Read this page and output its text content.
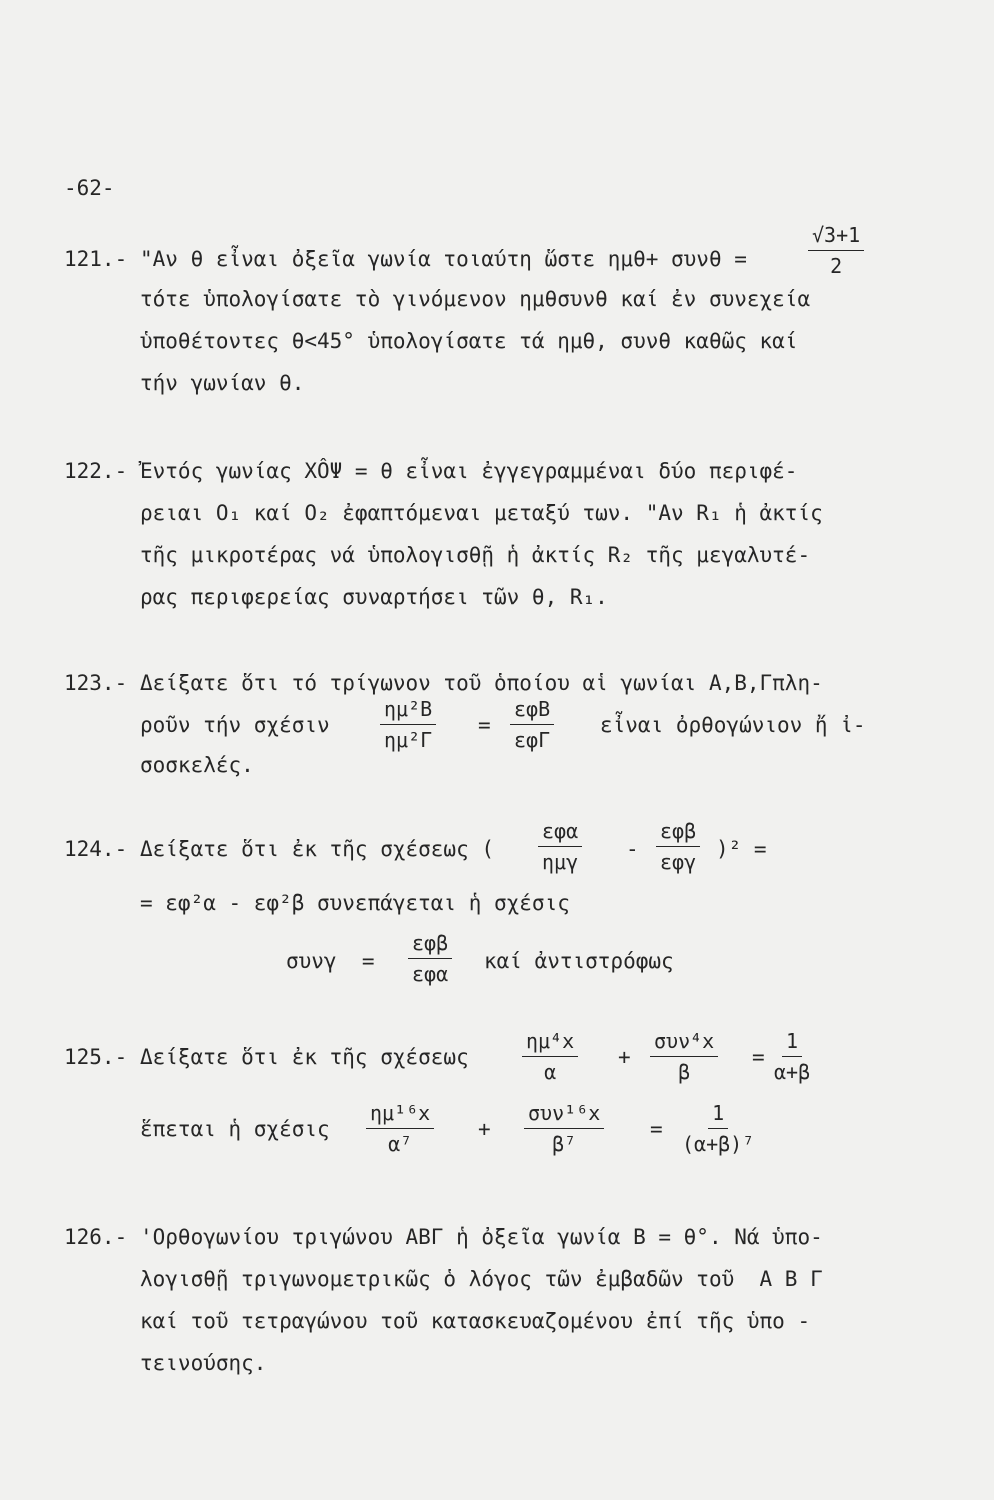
-62-
121.- "Αν θ εἶναι ὀξεῖα γωνία τοιαύτη ὥστε ημθ+ συνθ =	$\frac{√3+1}{2}$
τότε ὑπολογίσατε τὸ γινόμενον ημθσυνθ καί ἐν συνεχεία
ὑποθέτοντες θ<45° ὑπολογίσατε τά ημθ, συνθ καθῶς καί
τήν γωνίαν θ.
122.- Ἐντός γωνίας XÔΨ = θ εἶναι ἐγγεγραμμέναι δύο περιφέ-
ρειαι O₁ καί O₂ ἐφαπτόμεναι μεταξύ των. "Αν R₁ ἡ ἀκτίς
τῆς μικροτέρας νά ὑπολογισθῇ ἡ ἀκτίς R₂ τῆς μεγαλυτέ-
ρας περιφερείας συναρτήσει τῶν θ, R₁.
123.- Δείξατε ὅτι τό τρίγωνον τοῦ ὁποίου αἱ γωνίαι Α,Β,Γπλη-
ροῦν τήν σχέσιν	$\frac{\text{ημ²Β}}{\text{ημ²Γ}}$ =
εφΒ
εφΓ
εἶναι ὀρθογώνιον ἤ ἰ-
σοσκελές.
124.- Δείξατε ὅτι ἐκ τῆς σχέσεως (
εφα
ημγ
-
εφβ
εφγ
)² =
= εφ²α - εφ²β συνεπάγεται ἡ σχέσις
συνγ  =
εφβ
εφα
καί ἀντιστρόφως
125.- Δείξατε ὅτι ἐκ τῆς σχέσεως	$\frac{\text{ημ⁴x}}{\alpha}$ +
συν⁴x
β
= $\frac{1}{\alpha+\beta}$
ἕπεται ἡ σχέσις $\frac{\text{ημ¹⁶x}}{\text{α⁷}}$ +
συν¹⁶x
β⁷
= $\frac{1}{\text{(α+β)⁷}}$
126.- 'Ορθογωνίου τριγώνου ΑΒΓ ἡ ὀξεῖα γωνία Β = θ°. Νά ὑπο-
λογισθῇ τριγωνομετρικῶς ὁ λόγος τῶν ἐμβαδῶν τοῦ  Α Β Γ
καί τοῦ τετραγώνου τοῦ κατασκευαζομένου ἐπί τῆς ὑπο -
τεινούσης.
